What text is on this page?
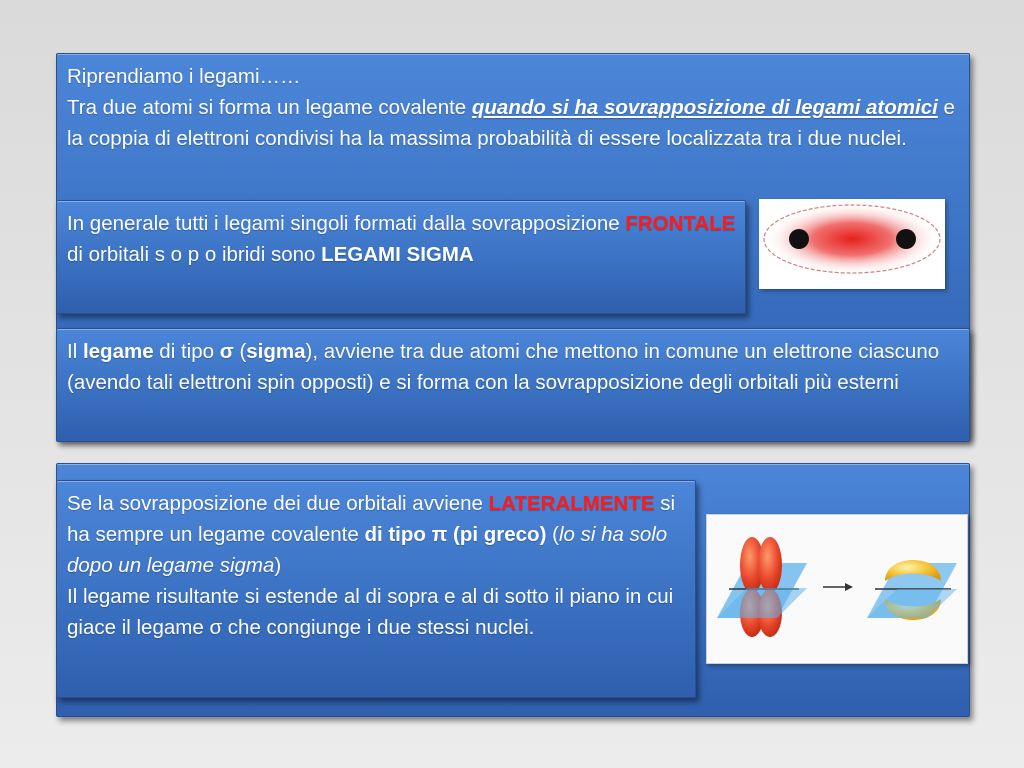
Riprendiamo i legami……

Tra due atomi si forma un legame covalente quando si ha sovrapposizione di legami atomici e la coppia di elettroni condivisi ha la massima probabilità di essere localizzata tra i due nuclei.

In generale tutti i legami singoli formati dalla sovrapposizione FRONTALE di orbitali s o p o ibridi sono LEGAMI SIGMA

Il legame di tipo σ (sigma), avviene tra due atomi che mettono in comune un elettrone ciascuno (avendo tali elettroni spin opposti) e si forma con la sovrapposizione degli orbitali più esterni

Se la sovrapposizione dei due orbitali avviene LATERALMENTE si ha sempre un legame covalente di tipo π (pi greco) (lo si ha solo dopo un legame sigma)

Il legame risultante si estende al di sopra e al di sotto il piano in cui giace il legame σ che congiunge i due stessi nuclei.
